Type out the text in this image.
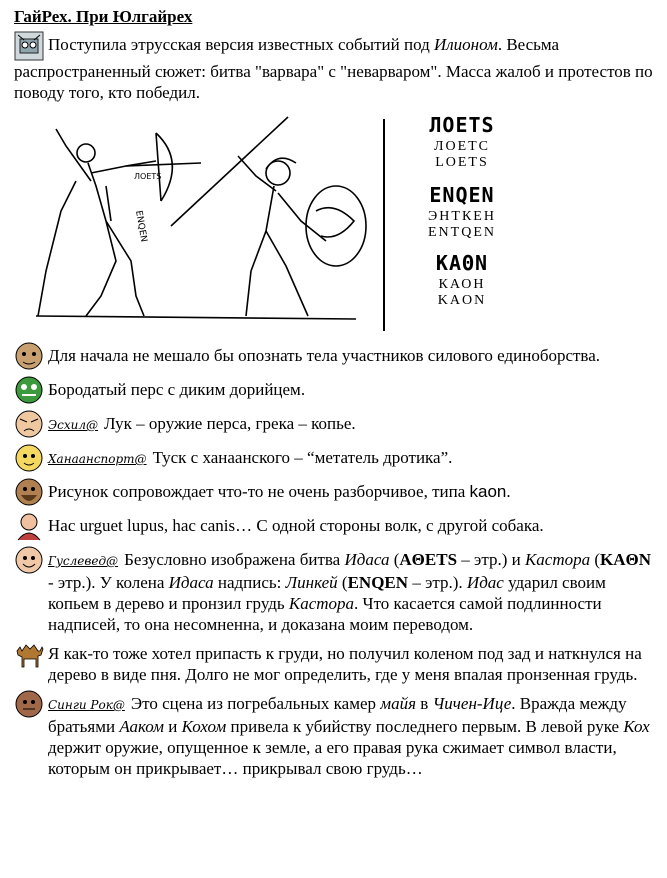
ГайРех. При Юлгайрех

Поступила этрусская версия известных событий под Илионом. Весьма распространенный сюжет: битва "варвара" с "неварваром". Масса жалоб и протестов по поводу того, кто победил.

ENQEN
ЛOETS
ЛOETS
ЛОЕТС
LOETS
ENQEN
ЭНТКЕН
ENTQEN
ΚΑΘΝ
КАОН
KAON
Для начала не мешало бы опознать тела участников силового единоборства.
Бородатый перс с диким дорийцем.
Эсхил@ Лук – оружие перса, грека – копье.
Ханаанспорт@ Туск с ханаанского – “метатель дротика”.
Рисунок сопровождает что-то не очень разборчивое, типа kaon.
Hac urguet lupus, hac canis… С одной стороны волк, с другой собака.
Гуслевед@ Безусловно изображена битва Идаса (AΘETS – этр.) и Кастора (KAΘN - этр.). У колена Идаса надпись: Линкей (ENQEN – этр.). Идас ударил своим копьем в дерево и пронзил грудь Кастора. Что касается самой подлинности надписей, то она несомненна, и доказана моим переводом.
Я как-то тоже хотел припасть к груди, но получил коленом под зад и наткнулся на дерево в виде пня. Долго не мог определить, где у меня впалая пронзенная грудь.
Синги Рок@ Это сцена из погребальных камер майя в Чичен-Ице. Вражда между братьями Ааком и Кохом привела к убийству последнего первым. В левой руке Кох держит оружие, опущенное к земле, а его правая рука сжимает символ власти, которым он прикрывает… прикрывал свою грудь…
